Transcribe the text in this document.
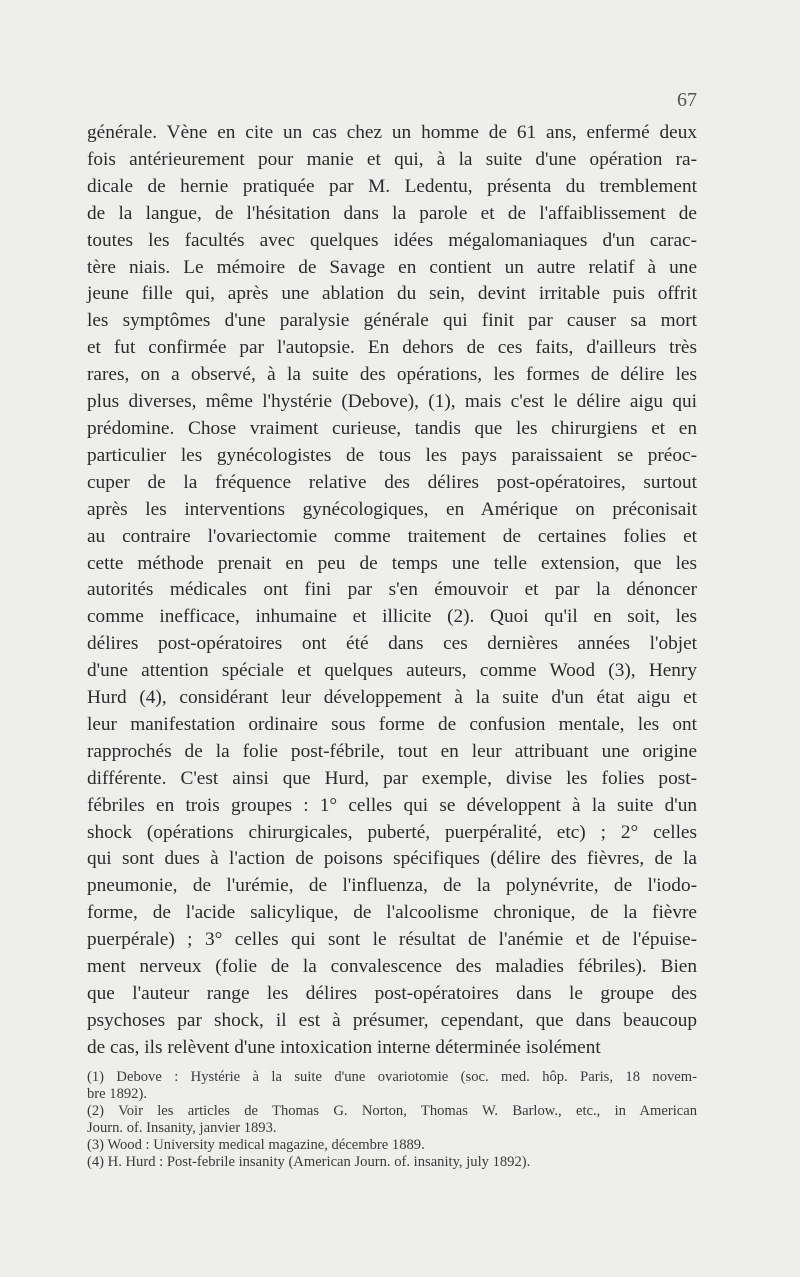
67
générale. Vène en cite un cas chez un homme de 61 ans, enfermé deux
fois antérieurement pour manie et qui, à la suite d'une opération ra-
dicale de hernie pratiquée par M. Ledentu, présenta du tremblement
de la langue, de l'hésitation dans la parole et de l'affaiblissement de
toutes les facultés avec quelques idées mégalomaniaques d'un carac-
tère niais. Le mémoire de Savage en contient un autre relatif à une
jeune fille qui, après une ablation du sein, devint irritable puis offrit
les symptômes d'une paralysie générale qui finit par causer sa mort
et fut confirmée par l'autopsie. En dehors de ces faits, d'ailleurs très
rares, on a observé, à la suite des opérations, les formes de délire les
plus diverses, même l'hystérie (Debove), (1), mais c'est le délire aigu qui
prédomine. Chose vraiment curieuse, tandis que les chirurgiens et en
particulier les gynécologistes de tous les pays paraissaient se préoc-
cuper de la fréquence relative des délires post-opératoires, surtout
après les interventions gynécologiques, en Amérique on préconisait
au contraire l'ovariectomie comme traitement de certaines folies et
cette méthode prenait en peu de temps une telle extension, que les
autorités médicales ont fini par s'en émouvoir et par la dénoncer
comme inefficace, inhumaine et illicite (2). Quoi qu'il en soit, les
délires post-opératoires ont été dans ces dernières années l'objet
d'une attention spéciale et quelques auteurs, comme Wood (3), Henry
Hurd (4), considérant leur développement à la suite d'un état aigu et
leur manifestation ordinaire sous forme de confusion mentale, les ont
rapprochés de la folie post-fébrile, tout en leur attribuant une origine
différente. C'est ainsi que Hurd, par exemple, divise les folies post-
fébriles en trois groupes : 1° celles qui se développent à la suite d'un
shock (opérations chirurgicales, puberté, puerpéralité, etc) ; 2° celles
qui sont dues à l'action de poisons spécifiques (délire des fièvres, de la
pneumonie, de l'urémie, de l'influenza, de la polynévrite, de l'iodo-
forme, de l'acide salicylique, de l'alcoolisme chronique, de la fièvre
puerpérale) ; 3° celles qui sont le résultat de l'anémie et de l'épuise-
ment nerveux (folie de la convalescence des maladies fébriles). Bien
que l'auteur range les délires post-opératoires dans le groupe des
psychoses par shock, il est à présumer, cependant, que dans beaucoup
de cas, ils relèvent d'une intoxication interne déterminée isolément
(1) Debove : Hystérie à la suite d'une ovariotomie (soc. med. hôp. Paris, 18 novem-
bre 1892).
(2) Voir les articles de Thomas G. Norton, Thomas W. Barlow., etc., in American
Journ. of. Insanity, janvier 1893.
(3) Wood : University medical magazine, décembre 1889.
(4) H. Hurd : Post-febrile insanity (American Journ. of. insanity, july 1892).
